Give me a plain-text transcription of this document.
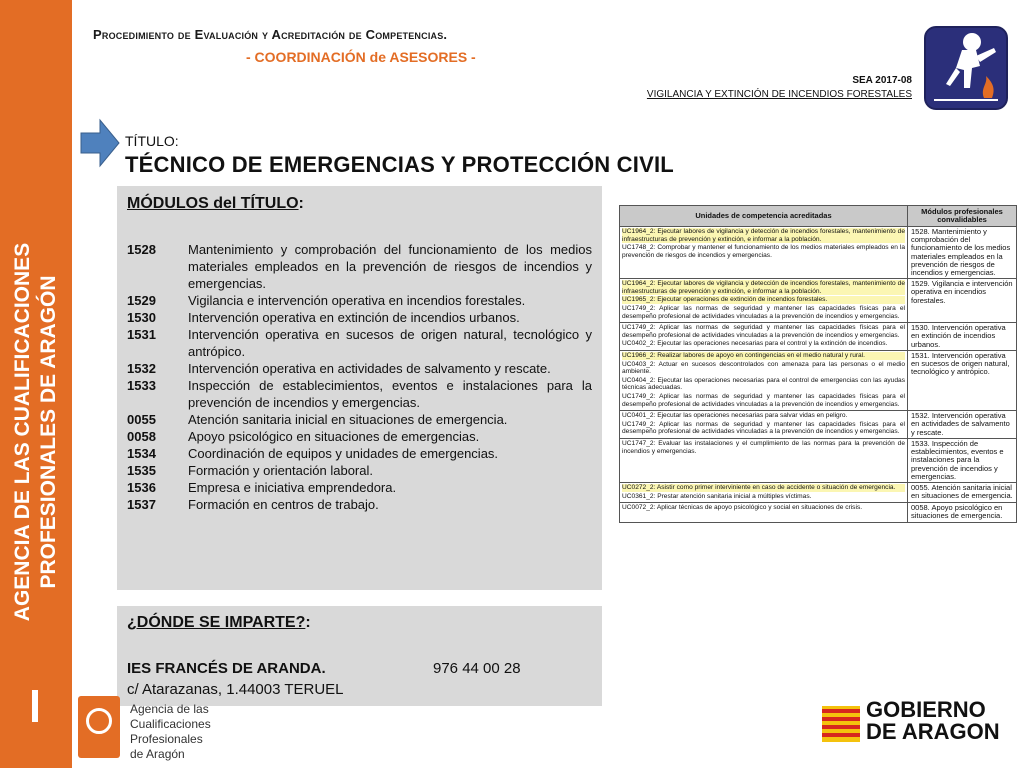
AGENCIA DE LAS CUALIFICACIONES PROFESIONALES DE ARAGÓN
Procedimiento de Evaluación y Acreditación de Competencias.
- COORDINACIÓN de ASESORES -
SEA 2017-08
VIGILANCIA Y EXTINCIÓN DE INCENDIOS FORESTALES
TÍTULO:
TÉCNICO DE EMERGENCIAS Y PROTECCIÓN CIVIL
MÓDULOS del TÍTULO:
1528	Mantenimiento y comprobación del funcionamiento de los medios materiales empleados en la prevención de riesgos de incendios y emergencias.
1529	Vigilancia e intervención operativa en incendios forestales.
1530	Intervención operativa en extinción de incendios urbanos.
1531	Intervención operativa en sucesos de origen natural, tecnológico y antrópico.
1532	Intervención operativa en actividades de salvamento y rescate.
1533	Inspección de establecimientos, eventos e instalaciones para la prevención de incendios y emergencias.
0055	Atención sanitaria inicial en situaciones de emergencia.
0058	Apoyo psicológico en situaciones de emergencias.
1534	Coordinación de equipos y unidades de emergencias.
1535	Formación y orientación laboral.
1536	Empresa e iniciativa emprendedora.
1537	Formación en centros de trabajo.
¿DÓNDE SE IMPARTE?:
IES FRANCÉS DE ARANDA.	976 44 00 28
c/ Atarazanas, 1.44003 TERUEL
Unidades de competencia acreditadas	Módulos profesionales convalidables

UC1964_2: Ejecutar labores de vigilancia y detección de incendios forestales, mantenimiento de infraestructuras de prevención y extinción, e informar a la población.
UC1748_2: Comprobar y mantener el funcionamiento de los medios materiales empleados en la prevención de riesgos de incendios y emergencias.	1528. Mantenimiento y comprobación del funcionamiento de los medios materiales empleados en la prevención de riesgos de incendios y emergencias.

UC1964_2: Ejecutar labores de vigilancia y detección de incendios forestales, mantenimiento de infraestructuras de prevención y extinción, e informar a la población.
UC1965_2: Ejecutar operaciones de extinción de incendios forestales.
UC1749_2: Aplicar las normas de seguridad y mantener las capacidades físicas para el desempeño profesional de actividades vinculadas a la prevención de incendios y emergencias.	1529. Vigilancia e intervención operativa en incendios forestales.

UC1749_2: Aplicar las normas de seguridad y mantener las capacidades físicas para el desempeño profesional de actividades vinculadas a la prevención de incendios y emergencias.
UC0402_2: Ejecutar las operaciones necesarias para el control y la extinción de incendios.	1530. Intervención operativa en extinción de incendios urbanos.

UC1966_2: Realizar labores de apoyo en contingencias en el medio natural y rural.
UC0403_2: Actuar en sucesos descontrolados con amenaza para las personas o el medio ambiente.
UC0404_2: Ejecutar las operaciones necesarias para el control de emergencias con las ayudas técnicas adecuadas.
UC1749_2: Aplicar las normas de seguridad y mantener las capacidades físicas para el desempeño profesional de actividades vinculadas a la prevención de incendios y emergencias.	1531. Intervención operativa en sucesos de origen natural, tecnológico y antrópico.

UC0401_2: Ejecutar las operaciones necesarias para salvar vidas en peligro.
UC1749_2: Aplicar las normas de seguridad y mantener las capacidades físicas para el desempeño profesional de actividades vinculadas a la prevención de incendios y emergencias.	1532. Intervención operativa en actividades de salvamento y rescate.

UC1747_2: Evaluar las instalaciones y el cumplimiento de las normas para la prevención de incendios y emergencias.	1533. Inspección de establecimientos, eventos e instalaciones para la prevención de incendios y emergencias.

UC0272_2: Asistir como primer interviniente en caso de accidente o situación de emergencia.
UC0361_2: Prestar atención sanitaria inicial a múltiples víctimas.	0055. Atención sanitaria inicial en situaciones de emergencia.

UC0072_2: Aplicar técnicas de apoyo psicológico y social en situaciones de crisis.	0058. Apoyo psicológico en situaciones de emergencia.
Agencia de las
Cualificaciones
Profesionales
de Aragón
GOBIERNO
DE ARAGON
